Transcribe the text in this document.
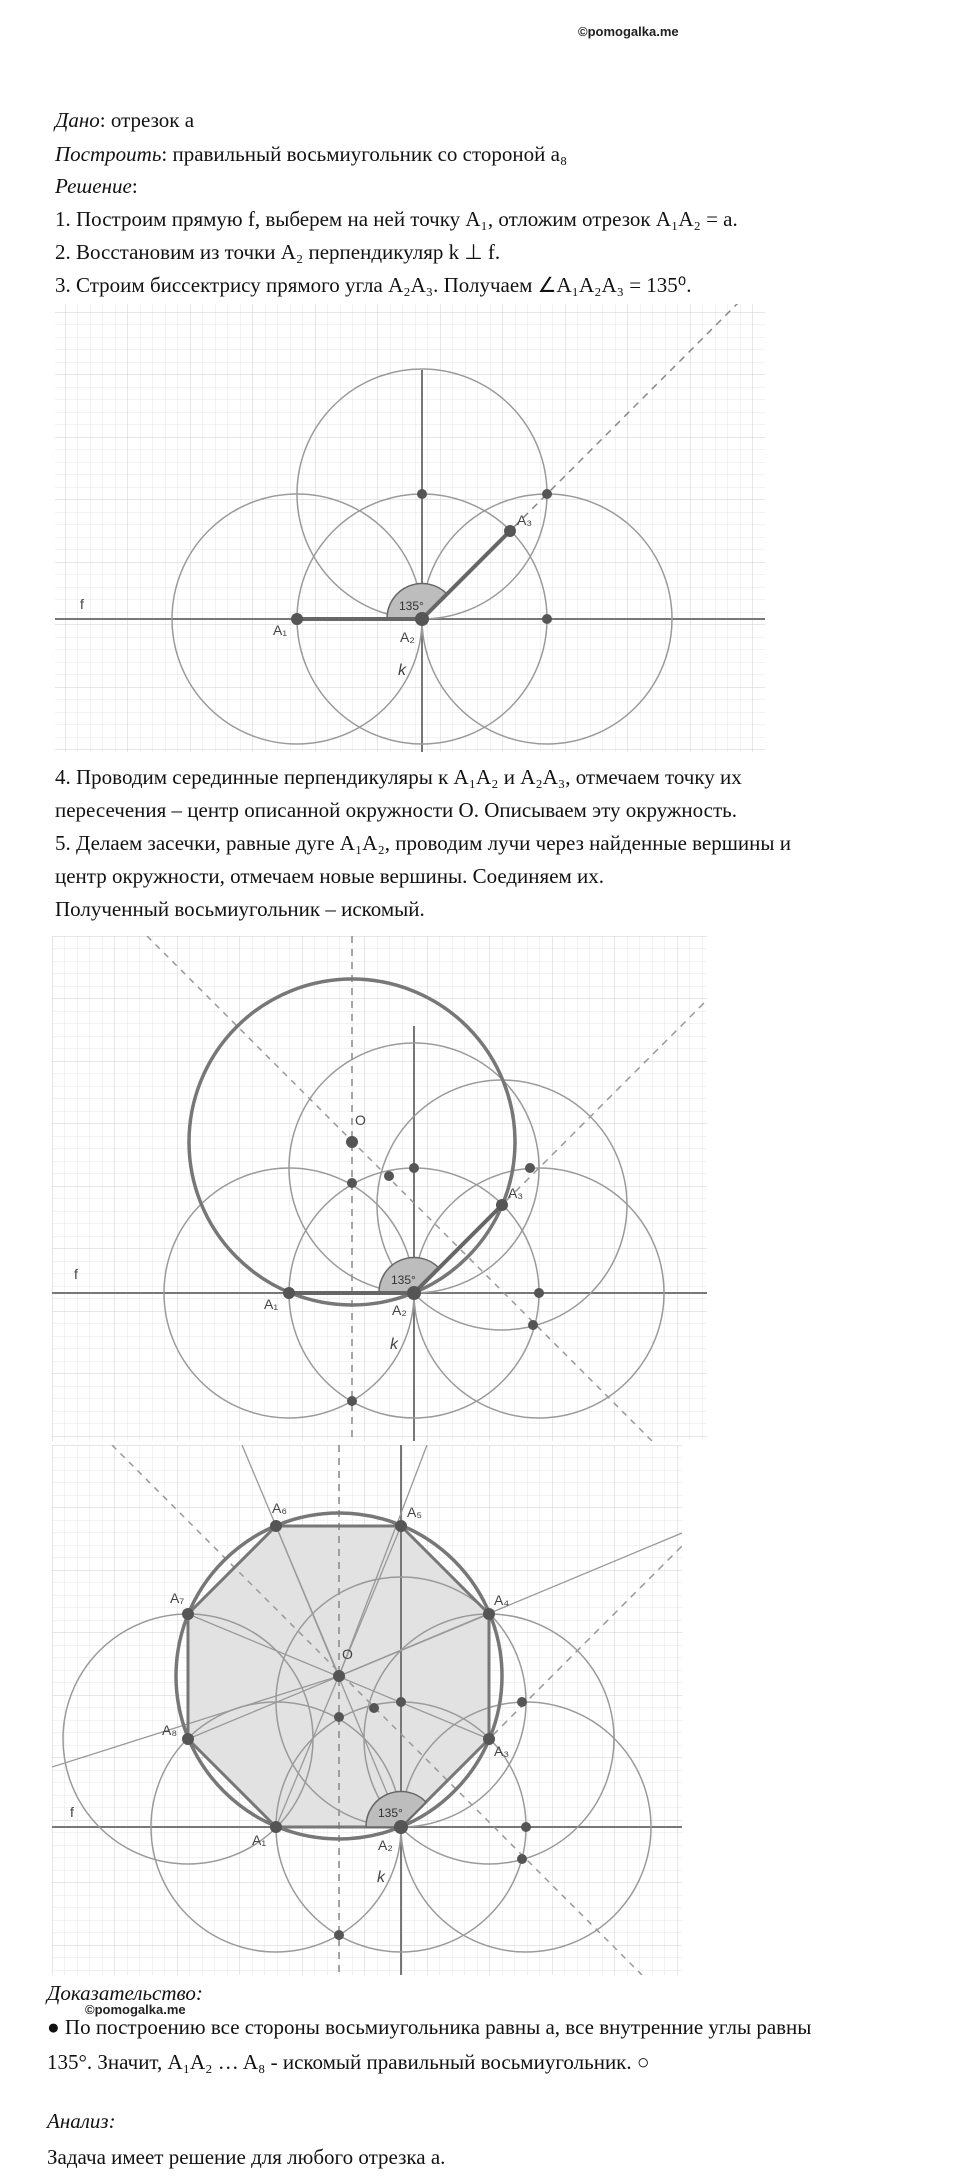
©pomogalka.me
Дано: отрезок a
Построить: правильный восьмиугольник со стороной a₈
Решение:
1. Построим прямую f, выберем на ней точку A₁, отложим отрезок A₁A₂ = a.
2. Восстановим из точки A₂ перпендикуляр k ⊥ f.
3. Строим биссектрису прямого угла A₂A₃. Получаем ∠A₁A₂A₃ = 135⁰.
f
A₁	A₂
A₃
135°
k
4. Проводим серединные перпендикуляры к A₁A₂ и A₂A₃, отмечаем точку их
пересечения – центр описанной окружности O. Описываем эту окружность.
5. Делаем засечки, равные дуге A₁A₂, проводим лучи через найденные вершины и
центр окружности, отмечаем новые вершины. Соединяем их.
Полученный восьмиугольник – искомый.
f
A₁	A₂
A₃
O
135°
k
f
A₁	A₂
A₃
A₄
A₅
A₆
A₇
A₈
O
135°
k
Доказательство:
©pomogalka.me
● По построению все стороны восьмиугольника равны a, все внутренние углы равны
135°. Значит, A₁A₂ … A₈ - искомый правильный восьмиугольник. ○
Анализ:
Задача имеет решение для любого отрезка a.
